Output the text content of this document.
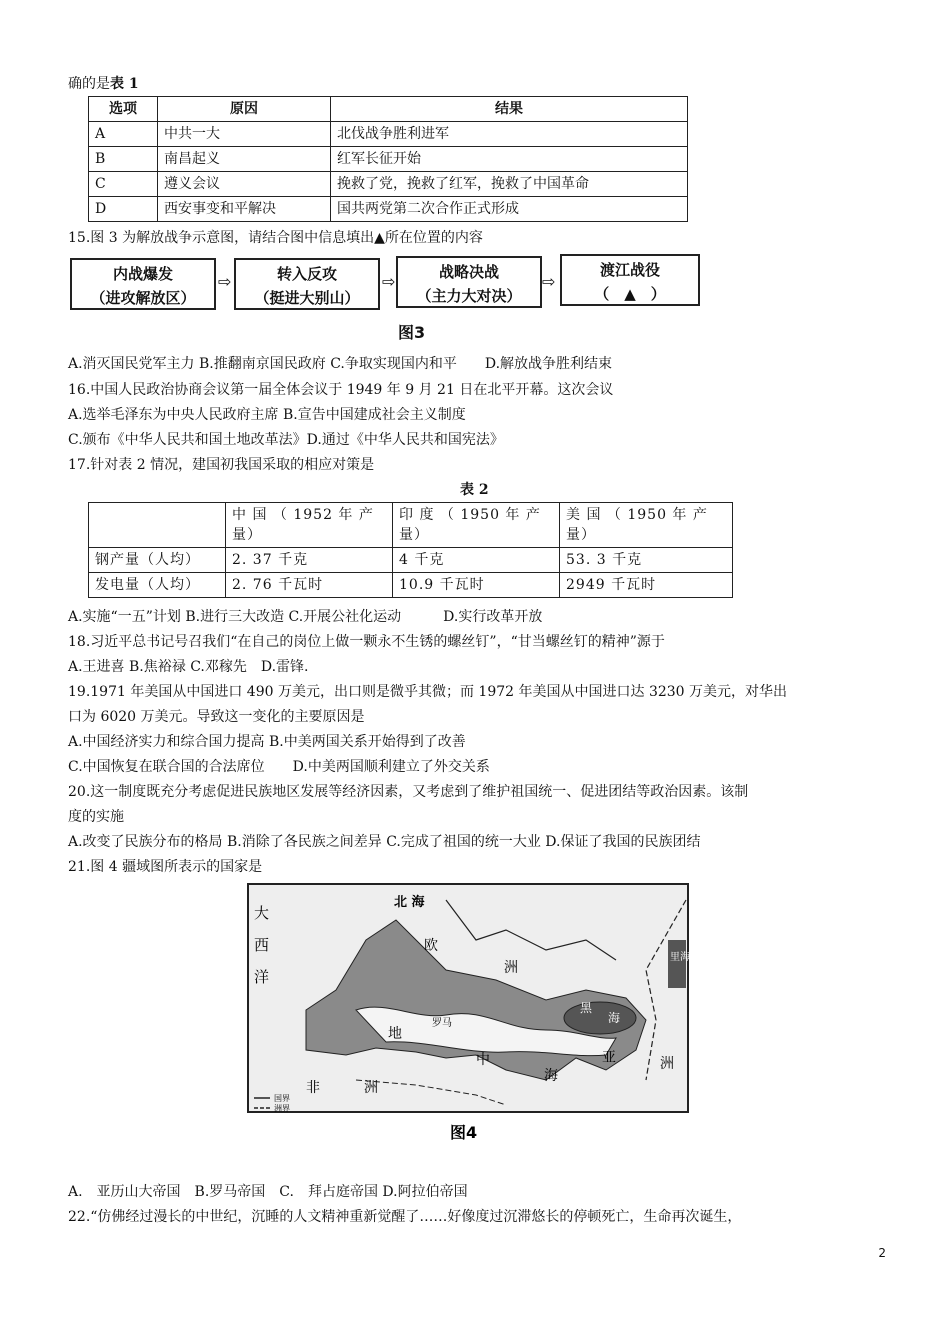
确的是表 1
选项	原因	结果
A	中共一大	北伐战争胜利进军
B	南昌起义	红军长征开始
C	遵义会议	挽救了党，挽救了红军，挽救了中国革命
D	西安事变和平解决	国共两党第二次合作正式形成
15.图 3 为解放战争示意图，请结合图中信息填出▲所在位置的内容
内战爆发
（进攻解放区）
⇨	转入反攻
（挺进大别山）
⇨	战略决战
（主力大对决）
⇨
渡江战役
（　▲　）
图3
A.消灭国民党军主力 B.推翻南京国民政府 C.争取实现国内和平　　D.解放战争胜利结束
16.中国人民政治协商会议第一届全体会议于 1949 年 9 月 21 日在北平开幕。这次会议
A.选举毛泽东为中央人民政府主席 B.宣告中国建成社会主义制度
C.颁布《中华人民共和国土地改革法》D.通过《中华人民共和国宪法》
17.针对表 2 情况，建国初我国采取的相应对策是
表 2
	中 国 （ 1952 年 产 量）	印 度 （ 1950 年 产 量）	美 国 （ 1950 年 产 量）
钢产量（人均）	2. 37 千克	4 千克	53. 3 千克
发电量（人均）	2. 76 千瓦时	10.9 千瓦时	2949 千瓦时
A.实施“一五”计划 B.进行三大改造 C.开展公社化运动　　　D.实行改革开放
18.习近平总书记号召我们“在自己的岗位上做一颗永不生锈的螺丝钉”，“甘当螺丝钉的精神”源于
A.王进喜 B.焦裕禄 C.邓稼先　D.雷锋.
19.1971 年美国从中国进口 490 万美元，出口则是微乎其微；而 1972 年美国从中国进口达 3230 万美元，对华出
口为 6020 万美元。导致这一变化的主要原因是
A.中国经济实力和综合国力提高 B.中美两国关系开始得到了改善
C.中国恢复在联合国的合法席位　　D.中美两国顺利建立了外交关系
20.这一制度既充分考虑促进民族地区发展等经济因素，又考虑到了维护祖国统一、促进团结等政治因素。该制
度的实施
A.改变了民族分布的格局 B.消除了各民族之间差异 C.完成了祖国的统一大业 D.保证了我国的民族团结
21.图 4 疆域图所表示的国家是
大
西
洋
北 海
欧
洲
黑
海
里海
亚	洲
地
中
海
罗马
非	洲
国界
洲界
图4
A.　亚历山大帝国　B.罗马帝国　C.　拜占庭帝国 D.阿拉伯帝国
22.“仿佛经过漫长的中世纪，沉睡的人文精神重新觉醒了……好像度过沉滞悠长的停顿死亡，生命再次诞生，
2
